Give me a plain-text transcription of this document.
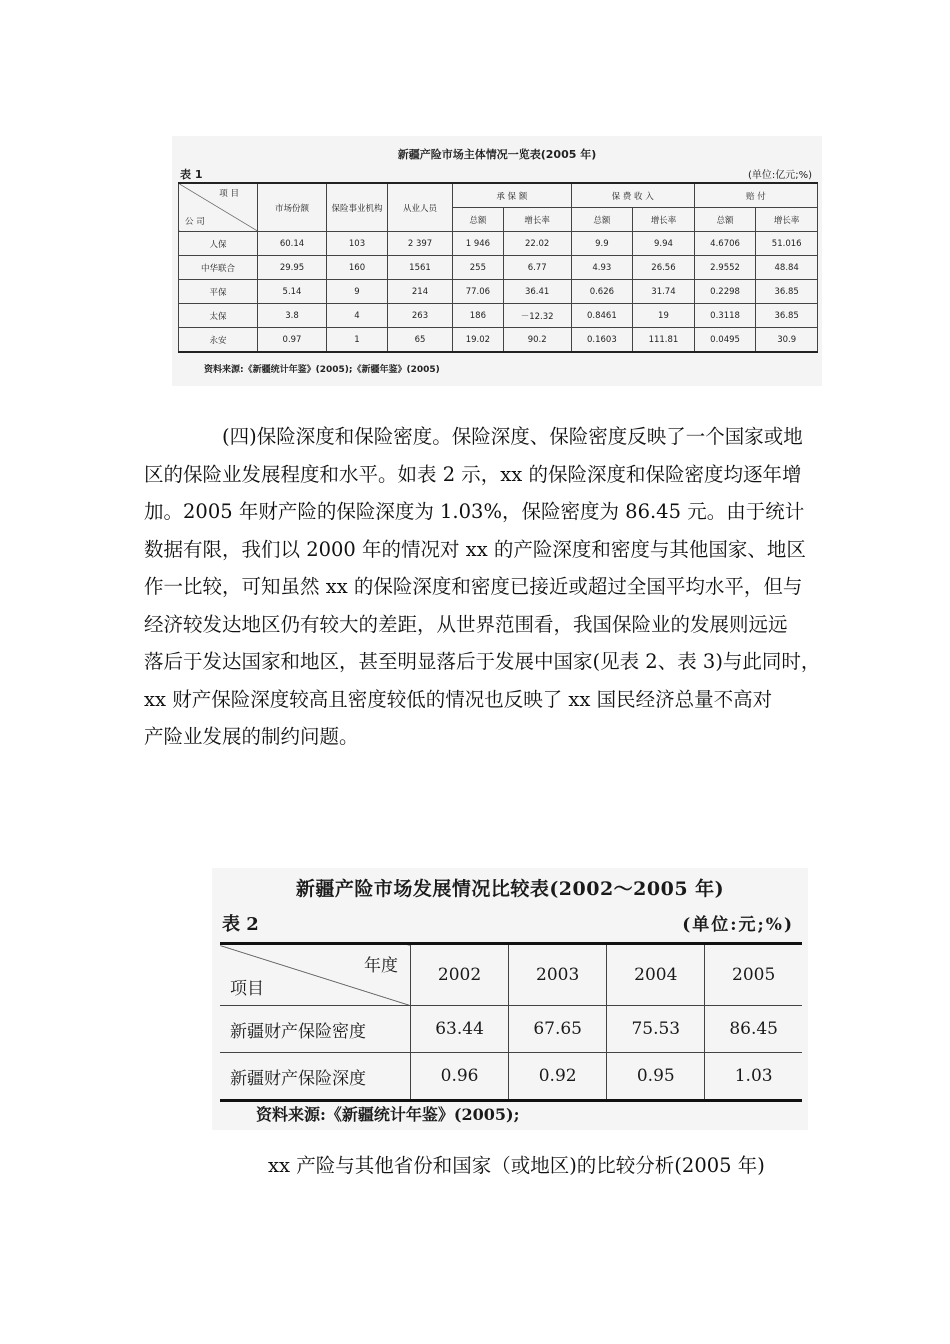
新疆产险市场主体情况一览表(2005 年)
表 1	(单位:亿元;%)
项 目
公 司	市场份额	保险事业机构	从业人员	承 保 额		保 费 收 入		赔 付	
				总额	增长率	总额	增长率	总额	增长率
人保	60.14	103	2 397	1 946	22.02	9.9	9.94	4.6706	51.016
中华联合	29.95	160	1561	255	6.77	4.93	26.56	2.9552	48.84
平保	5.14	9	214	77.06	36.41	0.626	31.74	0.2298	36.85
太保	3.8	4	263	186	－12.32	0.8461	19	0.3118	36.85
永安	0.97	1	65	19.02	90.2	0.1603	111.81	0.0495	30.9
资料来源:《新疆统计年鉴》(2005);《新疆年鉴》(2005)
(四)保险深度和保险密度。保险深度、保险密度反映了一个国家或地
区的保险业发展程度和水平。如表 2 示，xx 的保险深度和保险密度均逐年增
加。2005 年财产险的保险深度为 1.03%，保险密度为 86.45 元。由于统计
数据有限，我们以 2000 年的情况对 xx 的产险深度和密度与其他国家、地区
作一比较，可知虽然 xx 的保险深度和密度已接近或超过全国平均水平，但与
经济较发达地区仍有较大的差距，从世界范围看，我国保险业的发展则远远
落后于发达国家和地区，甚至明显落后于发展中国家(见表 2、表 3)与此同时，
xx 财产保险深度较高且密度较低的情况也反映了 xx 国民经济总量不高对
产险业发展的制约问题。
新疆产险市场发展情况比较表(2002～2005 年)
表 2	(单位:元;%)
年度
项目	2002	2003	2004	2005
新疆财产保险密度	63.44	67.65	75.53	86.45
新疆财产保险深度	0.96	0.92	0.95	1.03
资料来源:《新疆统计年鉴》(2005);
xx 产险与其他省份和国家（或地区)的比较分析(2005 年)
